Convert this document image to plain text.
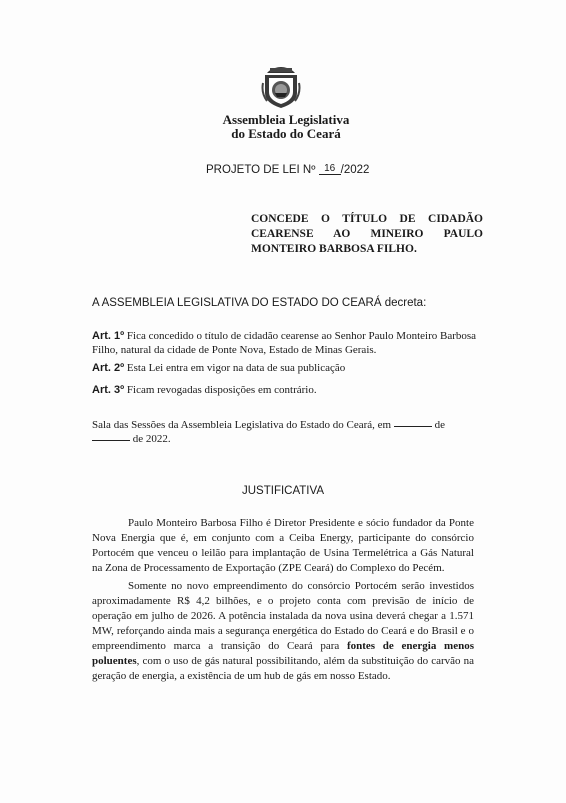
Assembleia Legislativa
do Estado do Ceará
PROJETO DE LEI Nº 16 /2022
CONCEDE O TÍTULO DE CIDADÃO CEARENSE AO MINEIRO PAULO
MONTEIRO BARBOSA FILHO.
A ASSEMBLEIA LEGISLATIVA DO ESTADO DO CEARÁ decreta:
Art. 1º Fica concedido o título de cidadão cearense ao Senhor Paulo Monteiro Barbosa Filho, natural da cidade de Ponte Nova, Estado de Minas Gerais.
Art. 2º Esta Lei entra em vigor na data de sua publicação
Art. 3º Ficam revogadas disposições em contrário.
Sala das Sessões da Assembleia Legislativa do Estado do Ceará, em	de
de 2022.
JUSTIFICATIVA
Paulo Monteiro Barbosa Filho é Diretor Presidente e sócio fundador da Ponte Nova Energia que é, em conjunto com a Ceiba Energy, participante do consórcio Portocém que venceu o leilão para implantação de Usina Termelétrica a Gás Natural na Zona de Processamento de Exportação (ZPE Ceará) do Complexo do Pecém.
Somente no novo empreendimento do consórcio Portocém serão investidos aproximadamente R$ 4,2 bilhões, e o projeto conta com previsão de início de operação em julho de 2026. A potência instalada da nova usina deverá chegar a 1.571 MW, reforçando ainda mais a segurança energética do Estado do Ceará e do Brasil e o empreendimento marca a transição do Ceará para fontes de energia menos poluentes, com o uso de gás natural possibilitando, além da substituição do carvão na geração de energia, a existência de um hub de gás em nosso Estado.
